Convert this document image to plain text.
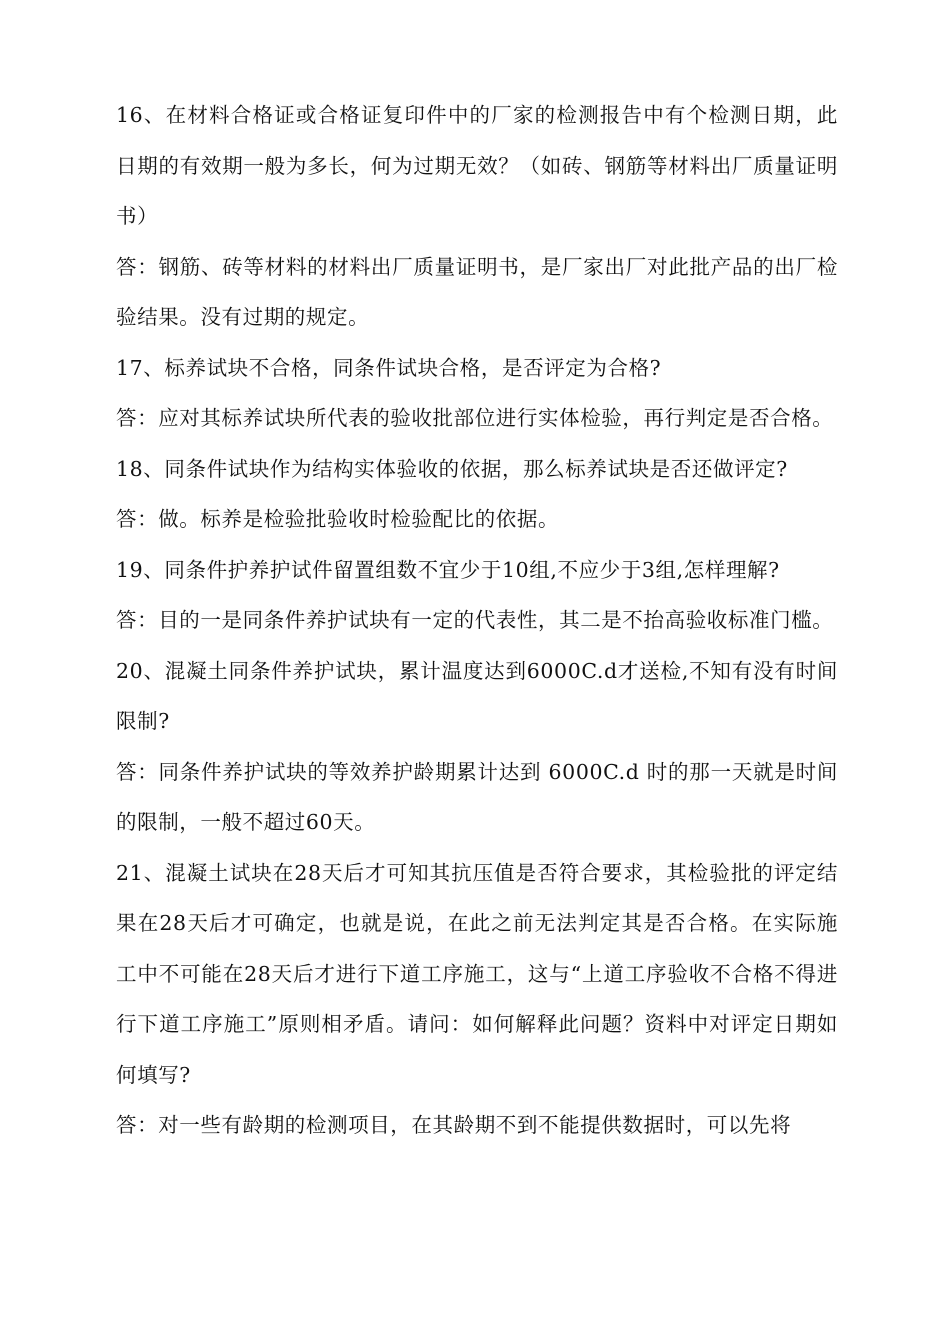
16、在材料合格证或合格证复印件中的厂家的检测报告中有个检测日期，此日期的有效期一般为多长，何为过期无效？（如砖、钢筋等材料出厂质量证明书）

答：钢筋、砖等材料的材料出厂质量证明书，是厂家出厂对此批产品的出厂检验结果。没有过期的规定。

17、标养试块不合格，同条件试块合格，是否评定为合格?

答：应对其标养试块所代表的验收批部位进行实体检验，再行判定是否合格。

18、同条件试块作为结构实体验收的依据，那么标养试块是否还做评定?

答：做。标养是检验批验收时检验配比的依据。

19、同条件护养护试件留置组数不宜少于10组,不应少于3组,怎样理解?

答：目的一是同条件养护试块有一定的代表性，其二是不抬高验收标准门槛。

20、混凝土同条件养护试块，累计温度达到6000C.d才送检,不知有没有时间限制?

答：同条件养护试块的等效养护龄期累计达到 6000C.d 时的那一天就是时间的限制，一般不超过60天。

21、混凝土试块在28天后才可知其抗压值是否符合要求，其检验批的评定结果在28天后才可确定，也就是说，在此之前无法判定其是否合格。在实际施工中不可能在28天后才进行下道工序施工，这与“上道工序验收不合格不得进行下道工序施工”原则相矛盾。请问：如何解释此问题？资料中对评定日期如何填写?

答：对一些有龄期的检测项目，在其龄期不到不能提供数据时，可以先将
